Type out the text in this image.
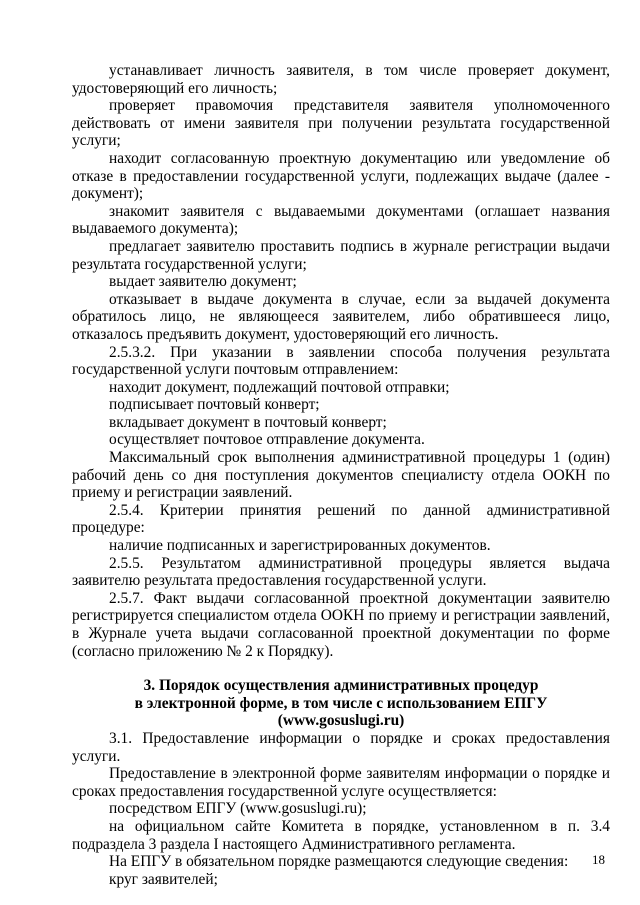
устанавливает личность заявителя, в том числе проверяет документ, удостоверяющий его личность;

проверяет правомочия представителя заявителя уполномоченного действовать от имени заявителя при получении результата государственной услуги;

находит согласованную проектную документацию или уведомление об отказе в предоставлении государственной услуги, подлежащих выдаче (далее - документ);

знакомит заявителя с выдаваемыми документами (оглашает названия выдаваемого документа);

предлагает заявителю проставить подпись в журнале регистрации выдачи результата государственной услуги;

выдает заявителю документ;

отказывает в выдаче документа в случае, если за выдачей документа обратилось лицо, не являющееся заявителем, либо обратившееся лицо, отказалось предъявить документ, удостоверяющий его личность.

2.5.3.2. При указании в заявлении способа получения результата государственной услуги почтовым отправлением:

находит документ, подлежащий почтовой отправки;

подписывает почтовый конверт;

вкладывает документ в почтовый конверт;

осуществляет почтовое отправление документа.

Максимальный срок выполнения административной процедуры 1 (один) рабочий день со дня поступления документов специалисту отдела ООКН по приему и регистрации заявлений.

2.5.4. Критерии принятия решений по данной административной процедуре:

наличие подписанных и зарегистрированных документов.

2.5.5. Результатом административной процедуры является выдача заявителю результата предоставления государственной услуги.

2.5.7. Факт выдачи согласованной проектной документации заявителю регистрируется специалистом отдела ООКН по приему и регистрации заявлений, в Журнале учета выдачи согласованной проектной документации по форме (согласно приложению № 2 к Порядку).

3. Порядок осуществления административных процедур

в электронной форме, в том числе с использованием ЕПГУ (www.gosuslugi.ru)

3.1. Предоставление информации о порядке и сроках предоставления услуги.

Предоставление в электронной форме заявителям информации о порядке и сроках предоставления государственной услуге осуществляется:

посредством ЕПГУ (www.gosuslugi.ru);

на официальном сайте Комитета в порядке, установленном в п. 3.4 подраздела 3 раздела I настоящего Административного регламента.

На ЕПГУ в обязательном порядке размещаются следующие сведения:

круг заявителей;

18
